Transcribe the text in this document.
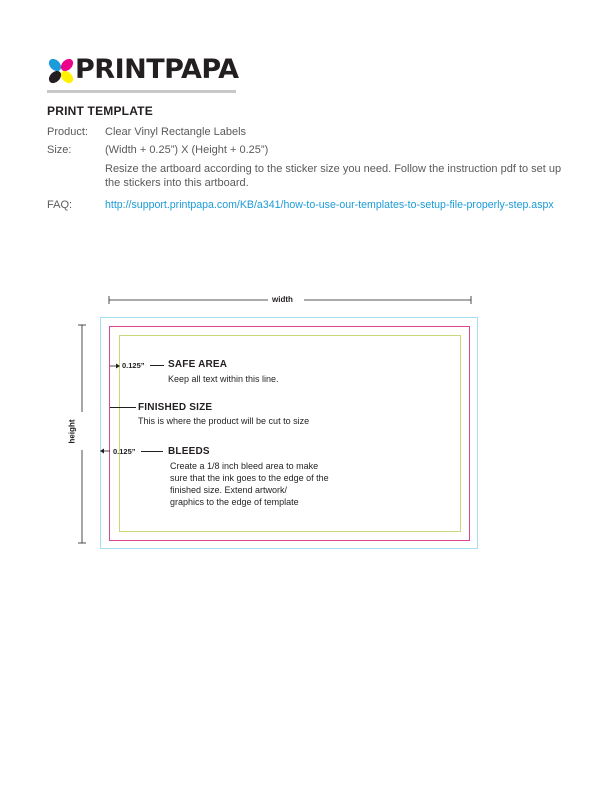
PRINTPAPA
PRINT TEMPLATE
Product: Clear Vinyl Rectangle Labels
Size:	(Width + 0.25”) X (Height + 0.25”)
Resize the artboard according to the sticker size you need. Follow the instruction pdf to set up
the stickers into this artboard.
FAQ:	http://support.printpapa.com/KB/a341/how-to-use-our-templates-to-setup-file-properly-step.aspx
width
height
0.125” SAFE AREA
Keep all text within this line.
FINISHED SIZE
This is where the product will be cut to size
0.125”	BLEEDS
Create a 1/8 inch bleed area to make
sure that the ink goes to the edge of the
finished size. Extend artwork/
graphics to the edge of template
